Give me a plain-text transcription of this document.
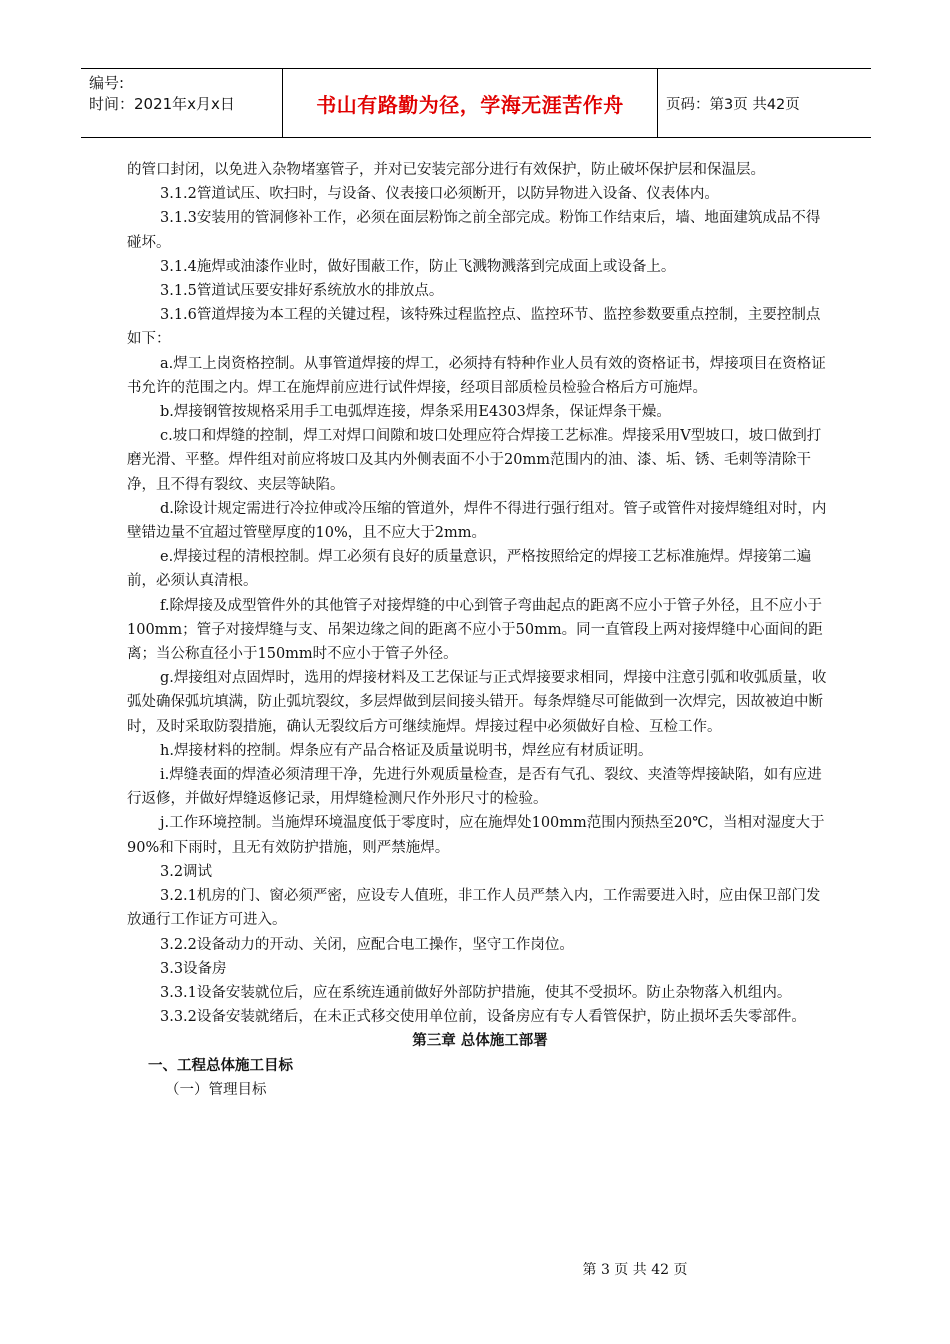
编号:
时间：2021年x月x日	书山有路勤为径，学海无涯苦作舟	页码：第3页 共42页

的管口封闭，以免进入杂物堵塞管子，并对已安装完部分进行有效保护，防止破坏保护层和保温层。

3.1.2管道试压、吹扫时，与设备、仪表接口必须断开，以防异物进入设备、仪表体内。

3.1.3安装用的管洞修补工作，必须在面层粉饰之前全部完成。粉饰工作结束后，墙、地面建筑成品不得碰坏。

3.1.4施焊或油漆作业时，做好围蔽工作，防止飞溅物溅落到完成面上或设备上。

3.1.5管道试压要安排好系统放水的排放点。

3.1.6管道焊接为本工程的关键过程，该特殊过程监控点、监控环节、监控参数要重点控制，主要控制点如下：

a.焊工上岗资格控制。从事管道焊接的焊工，必须持有特种作业人员有效的资格证书，焊接项目在资格证书允许的范围之内。焊工在施焊前应进行试件焊接，经项目部质检员检验合格后方可施焊。

b.焊接钢管按规格采用手工电弧焊连接，焊条采用E4303焊条，保证焊条干燥。

c.坡口和焊缝的控制，焊工对焊口间隙和坡口处理应符合焊接工艺标准。焊接采用V型坡口，坡口做到打磨光滑、平整。焊件组对前应将坡口及其内外侧表面不小于20mm范围内的油、漆、垢、锈、毛刺等清除干净，且不得有裂纹、夹层等缺陷。

d.除设计规定需进行冷拉伸或冷压缩的管道外，焊件不得进行强行组对。管子或管件对接焊缝组对时，内壁错边量不宜超过管壁厚度的10%，且不应大于2mm。

e.焊接过程的清根控制。焊工必须有良好的质量意识，严格按照给定的焊接工艺标准施焊。焊接第二遍前，必须认真清根。

f.除焊接及成型管件外的其他管子对接焊缝的中心到管子弯曲起点的距离不应小于管子外径，且不应小于100mm；管子对接焊缝与支、吊架边缘之间的距离不应小于50mm。同一直管段上两对接焊缝中心面间的距离；当公称直径小于150mm时不应小于管子外径。

g.焊接组对点固焊时，选用的焊接材料及工艺保证与正式焊接要求相同，焊接中注意引弧和收弧质量，收弧处确保弧坑填满，防止弧坑裂纹，多层焊做到层间接头错开。每条焊缝尽可能做到一次焊完，因故被迫中断时，及时采取防裂措施，确认无裂纹后方可继续施焊。焊接过程中必须做好自检、互检工作。

h.焊接材料的控制。焊条应有产品合格证及质量说明书，焊丝应有材质证明。

i.焊缝表面的焊渣必须清理干净，先进行外观质量检查，是否有气孔、裂纹、夹渣等焊接缺陷，如有应进行返修，并做好焊缝返修记录，用焊缝检测尺作外形尺寸的检验。

j.工作环境控制。当施焊环境温度低于零度时，应在施焊处100mm范围内预热至20℃，当相对湿度大于90%和下雨时，且无有效防护措施，则严禁施焊。

3.2调试

3.2.1机房的门、窗必须严密，应设专人值班，非工作人员严禁入内，工作需要进入时，应由保卫部门发放通行工作证方可进入。

3.2.2设备动力的开动、关闭，应配合电工操作，坚守工作岗位。

3.3设备房

3.3.1设备安装就位后，应在系统连通前做好外部防护措施，使其不受损坏。防止杂物落入机组内。

3.3.2设备安装就绪后，在未正式移交使用单位前，设备房应有专人看管保护，防止损坏丢失零部件。

第三章 总体施工部署

一、工程总体施工目标

（一）管理目标

第 3 页 共 42 页
